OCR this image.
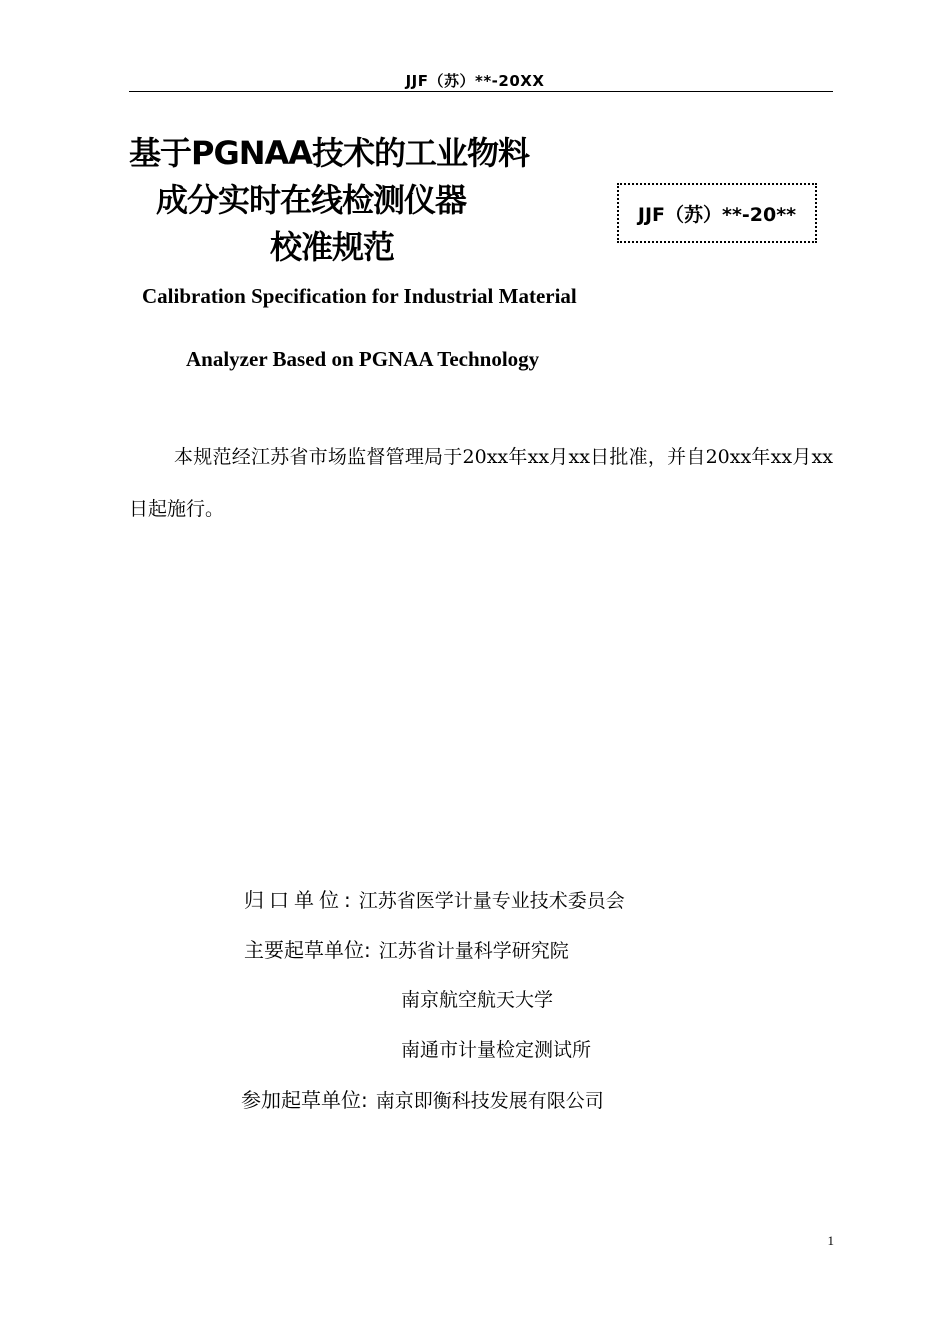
JJF（苏）**-20XX
基于PGNAA技术的工业物料
成分实时在线检测仪器
校准规范
JJF（苏）**-20**
Calibration Specification for Industrial Material
Analyzer Based on PGNAA Technology
本规范经江苏省市场监督管理局于20xx年xx月xx日批准，并自20xx年xx月xx日起施行。
归口单位: 江苏省医学计量专业技术委员会
主要起草单位: 江苏省计量科学研究院
南京航空航天大学
南通市计量检定测试所
参加起草单位: 南京即衡科技发展有限公司
1
